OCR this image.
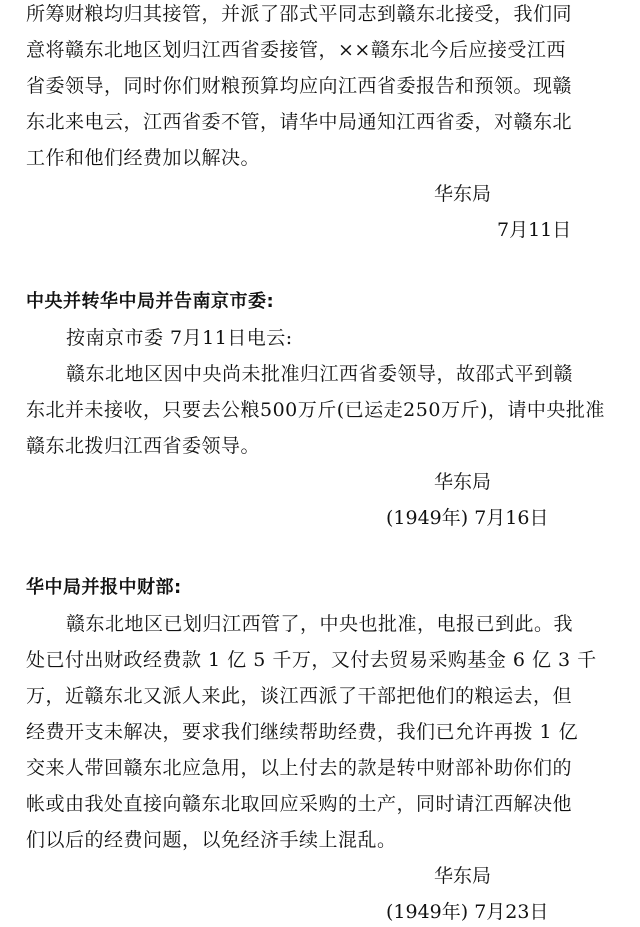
所筹财粮均归其接管，并派了邵式平同志到赣东北接受，我们同
意将赣东北地区划归江西省委接管，××赣东北今后应接受江西
省委领导，同时你们财粮预算均应向江西省委报告和预领。现赣
东北来电云，江西省委不管，请华中局通知江西省委，对赣东北
工作和他们经费加以解决。
华东局
7月11日
中央并转华中局并告南京市委:
按南京市委 7月11日电云:
赣东北地区因中央尚未批准归江西省委领导，故邵式平到赣
东北并未接收，只要去公粮500万斤(已运走250万斤)，请中央批准
赣东北拨归江西省委领导。
华东局
(1949年) 7月16日
华中局并报中财部:
赣东北地区已划归江西管了，中央也批准，电报已到此。我
处已付出财政经费款 1 亿 5 千万，又付去贸易采购基金 6 亿 3 千
万，近赣东北又派人来此，谈江西派了干部把他们的粮运去，但
经费开支未解决，要求我们继续帮助经费，我们已允许再拨 1 亿
交来人带回赣东北应急用，以上付去的款是转中财部补助你们的
帐或由我处直接向赣东北取回应采购的土产，同时请江西解决他
们以后的经费问题，以免经济手续上混乱。
华东局
(1949年) 7月23日
